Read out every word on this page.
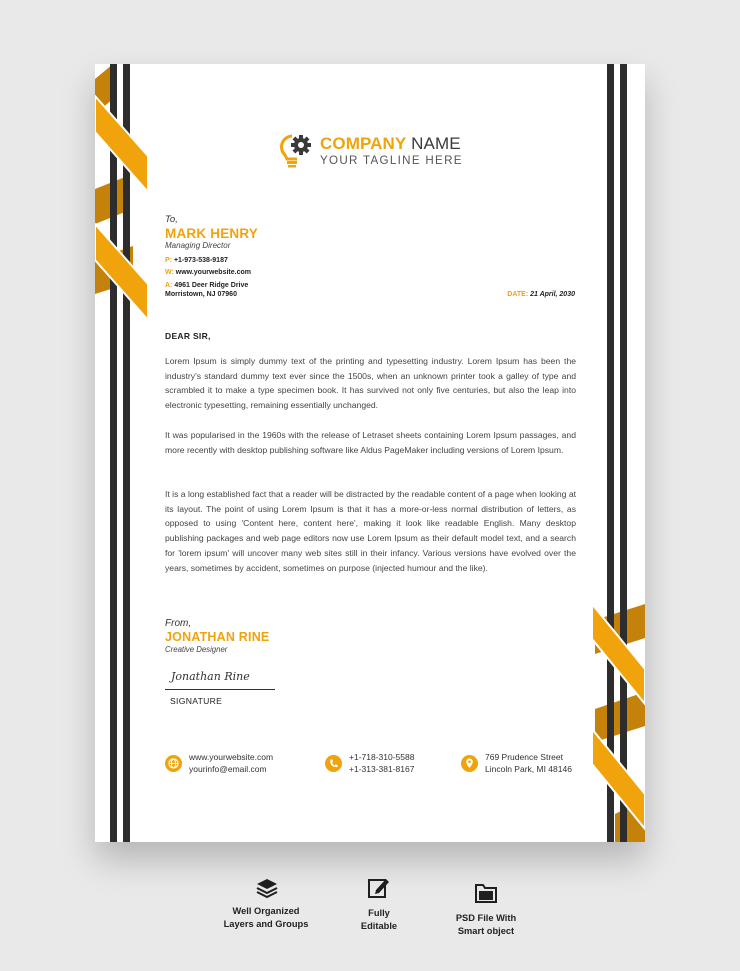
COMPANY NAME
YOUR TAGLINE HERE
To,
MARK HENRY
Managing Director
P: +1-973-538-9187
W: www.yourwebsite.com
A: 4961 Deer Ridge Drive
Morristown, NJ 07960	DATE: 21 April, 2030
DEAR SIR,
Lorem Ipsum is simply dummy text of the printing and typesetting industry. Lorem Ipsum has been the industry's standard dummy text ever since the 1500s, when an unknown printer took a galley of type and scrambled it to make a type specimen book. It has survived not only five centuries, but also the leap into electronic typesetting, remaining essentially unchanged.
It was popularised in the 1960s with the release of Letraset sheets containing Lorem Ipsum passages, and more recently with desktop publishing software like Aldus PageMaker including versions of Lorem Ipsum.
It is a long established fact that a reader will be distracted by the readable content of a page when looking at its layout. The point of using Lorem Ipsum is that it has a more-or-less normal distribution of letters, as opposed to using 'Content here, content here', making it look like readable English. Many desktop publishing packages and web page editors now use Lorem Ipsum as their default model text, and a search for 'lorem ipsum' will uncover many web sites still in their infancy. Various versions have evolved over the years, sometimes by accident, sometimes on purpose (injected humour and the like).
From,
JONATHAN RINE
Creative Designer
Jonathan Rine
SIGNATURE
www.yourwebsite.com
yourinfo@email.com
+1-718-310-5588
+1-313-381-8167
769 Prudence Street
Lincoln Park, MI 48146
Well Organized
Layers and Groups
Fully
Editable
PSD File With
Smart object
